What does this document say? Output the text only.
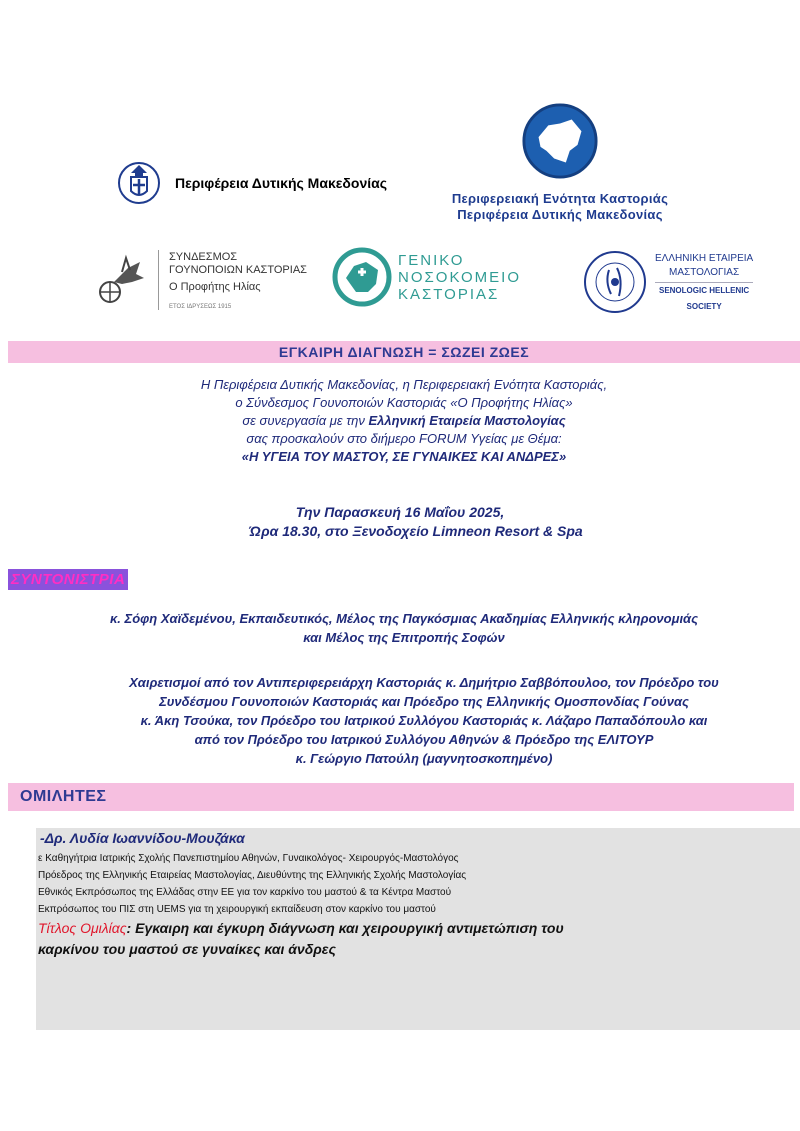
Περιφέρεια Δυτικής Μακεδονίας
Περιφερειακή Ενότητα Καστοριάς
Περιφέρεια Δυτικής Μακεδονίας
ΣΥΝΔΕΣΜΟΣ
ΓΟΥΝΟΠΟΙΩΝ ΚΑΣΤΟΡΙΑΣ
Ο Προφήτης Ηλίας
ΕΤΟΣ ΙΔΡΥΣΕΩΣ 1915
ΓΕΝΙΚΟ
ΝΟΣΟΚΟΜΕΙΟ
ΚΑΣΤΟΡΙΑΣ
ΕΛΛΗΝΙΚΗ ΕΤΑΙΡΕΙΑ
ΜΑΣΤΟΛΟΓΙΑΣ
SENOLOGIC HELLENIC
SOCIETY
ΕΓΚΑΙΡΗ ΔΙΑΓΝΩΣΗ = ΣΩΖΕΙ ΖΩΕΣ
Η Περιφέρεια Δυτικής Μακεδονίας, η Περιφερειακή Ενότητα Καστοριάς,
ο Σύνδεσμος Γουνοποιών Καστοριάς «Ο Προφήτης Ηλίας»
σε συνεργασία με την Ελληνική Εταιρεία Μαστολογίας
σας προσκαλούν στο διήμερο FORUM Υγείας με Θέμα:
«Η ΥΓΕΙΑ ΤΟΥ ΜΑΣΤΟΥ, ΣΕ ΓΥΝΑΙΚΕΣ ΚΑΙ ΑΝΔΡΕΣ»
Την Παρασκευή 16 Μαΐου 2025,
Ώρα 18.30, στο Ξενοδοχείο Limneon Resort & Spa
ΣΥΝΤΟΝΙΣΤΡΙΑ
κ. Σόφη Χαϊδεμένου, Εκπαιδευτικός, Μέλος της Παγκόσμιας Ακαδημίας Ελληνικής κληρονομιάς
και Μέλος της Επιτροπής Σοφών
Χαιρετισμοί από τον Αντιπεριφερειάρχη Καστοριάς κ. Δημήτριο Σαββόπουλοο, τον Πρόεδρο του
Συνδέσμου Γουνοποιών Καστοριάς και Πρόεδρο της Ελληνικής Ομοσπονδίας Γούνας
κ. Άκη Τσούκα, τον Πρόεδρο του Ιατρικού Συλλόγου Καστοριάς κ. Λάζαρο Παπαδόπουλο και
από τον Πρόεδρο του Ιατρικού Συλλόγου Αθηνών & Πρόεδρο της ΕΛΙΤΟΥΡ
κ. Γεώργιο Πατούλη (μαγνητοσκοπημένο)
ΟΜΙΛΗΤΕΣ
-Δρ. Λυδία Ιωαννίδου-Μουζάκα
ε Καθηγήτρια Ιατρικής Σχολής Πανεπιστημίου Αθηνών, Γυναικολόγος- Χειρουργός-Μαστολόγος
Πρόεδρος της Ελληνικής Εταιρείας Μαστολογίας, Διευθύντης της Ελληνικής Σχολής Μαστολογίας
Εθνικός Εκπρόσωπος της Ελλάδας στην ΕΕ για τον καρκίνο του μαστού & τα Κέντρα Μαστού
Εκπρόσωπος του ΠΙΣ στη UEMS για τη χειρουργική εκπαίδευση στον καρκίνο του μαστού
Τίτλος Ομιλίας: Εγκαιρη και έγκυρη διάγνωση και χειρουργική αντιμετώπιση του
καρκίνου του μαστού σε γυναίκες και άνδρες
